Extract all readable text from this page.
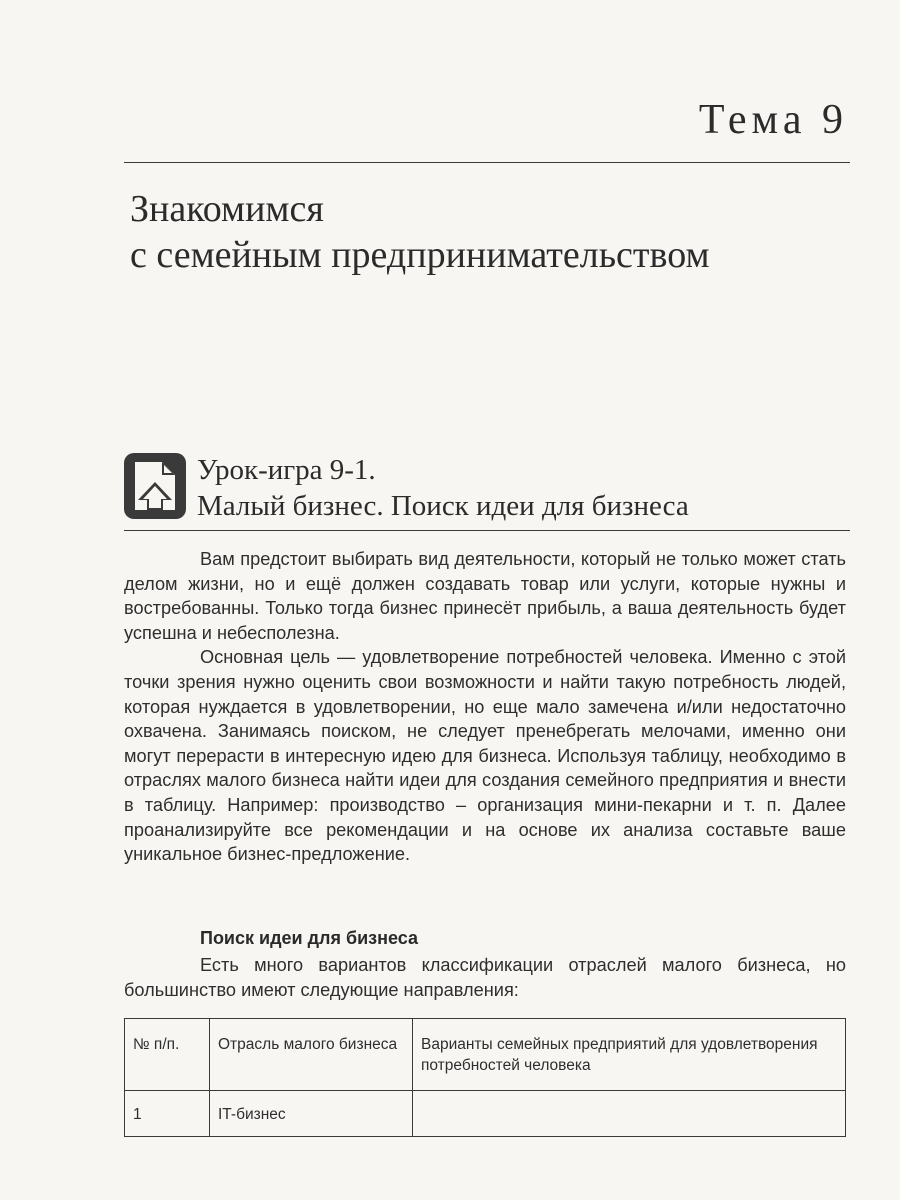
Тема 9
Знакомимся
с семейным предпринимательством
Урок-игра 9-1.
Малый бизнес. Поиск идеи для бизнеса

Вам предстоит выбирать вид деятельности, который не только может стать делом жизни, но и ещё должен создавать товар или услуги, которые нужны и востребованны. Только тогда бизнес принесёт прибыль, а ваша деятельность будет успешна и небесполезна.

Основная цель — удовлетворение потребностей человека. Именно с этой точки зрения нужно оценить свои возможности и найти такую потребность людей, которая нуждается в удовлетворении, но еще мало замечена и/или недостаточно охвачена. Занимаясь поиском, не следует пренебрегать мелочами, именно они могут перерасти в интересную идею для бизнеса. Используя таблицу, необходимо в отраслях малого бизнеса найти идеи для создания семейного предприятия и внести в таблицу. Например: производство – организация мини-пекарни и т. п. Далее проанализируйте все рекомендации и на основе их анализа составьте ваше уникальное бизнес-предложение.

Поиск идеи для бизнеса

Есть много вариантов классификации отраслей малого бизнеса, но большинство имеют следующие направления:

№ п/п.	Отрасль малого бизнеса	Варианты семейных предприятий для удовлетворения потребностей человека
1	IT-бизнес	
